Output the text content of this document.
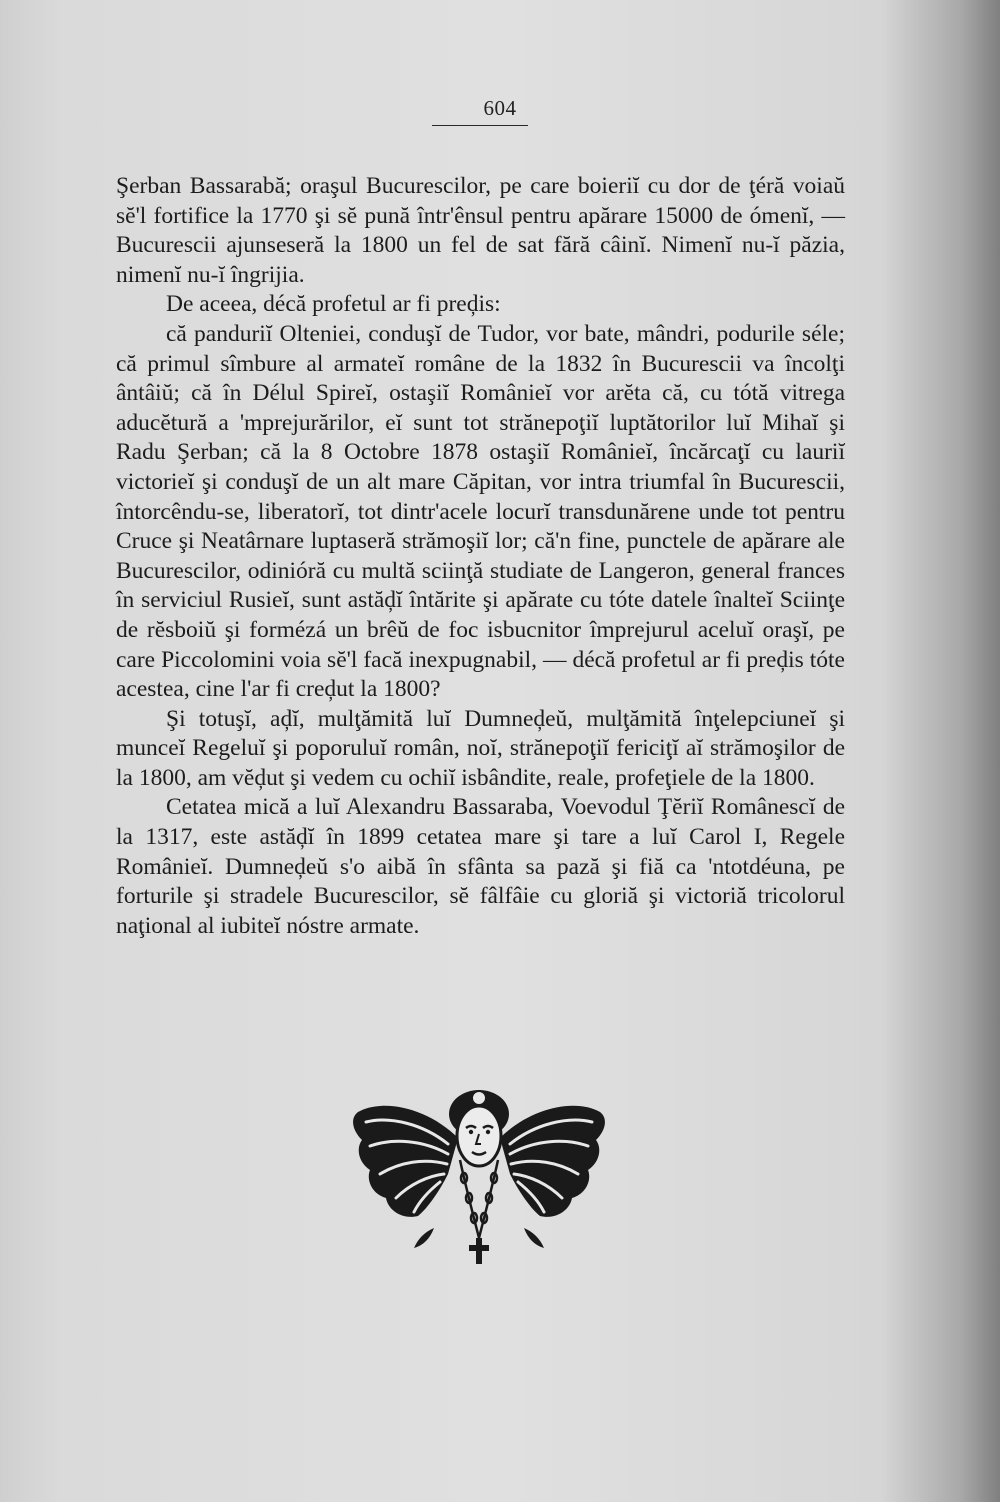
604

Şerban Bassarabă; oraşul Bucurescilor, pe care boieriĭ cu dor de ţéră voiaŭ sĕ'l fortifice la 1770 şi sĕ pună într'ênsul pentru apărare 15000 de ómenĭ, — Bucurescii ajunseseră la 1800 un fel de sat fără câinĭ. Nimenĭ nu-ĭ păzia, nimenĭ nu-ĭ îngrijia.

De aceea, décă profetul ar fi preḑis:

că panduriĭ Olteniei, conduşĭ de Tudor, vor bate, mândri, podurile séle; că primul sîmbure al armateĭ române de la 1832 în Bucurescii va încolţi ântâiŭ; că în Délul Spireĭ, ostaşiĭ Românieĭ vor arĕta că, cu tótă vitrega aducĕtură a 'mprejurărilor, eĭ sunt tot strănepoţiĭ luptătorilor luĭ Mihaĭ şi Radu Şerban; că la 8 Octobre 1878 ostaşiĭ Românieĭ, încărcaţĭ cu lauriĭ victorieĭ şi conduşĭ de un alt mare Căpitan, vor intra triumfal în Bucurescii, întorcêndu-se, liberatorĭ, tot dintr'acele locurĭ transdunărene unde tot pentru Cruce şi Neatârnare luptaseră strămoşiĭ lor; că'n fine, punctele de apărare ale Bucurescilor, odinióră cu multă sciinţă studiate de Langeron, general frances în serviciul Rusieĭ, sunt astăḑĭ întărite şi apărate cu tóte datele înalteĭ Sciinţe de rĕsboiŭ şi formézá un brêŭ de foc isbucnitor împrejurul aceluĭ oraşĭ, pe care Piccolomini voia sĕ'l facă inexpugnabil, — décă profetul ar fi preḑis tóte acestea, cine l'ar fi creḑut la 1800?

Şi totuşĭ, aḑĭ, mulţămită luĭ Dumneḑeŭ, mulţămită înţelepciuneĭ şi munceĭ Regeluĭ şi poporuluĭ român, noĭ, strănepoţiĭ fericiţĭ aĭ strămoşilor de la 1800, am vĕḑut şi vedem cu ochiĭ isbândite, reale, profeţiele de la 1800.

Cetatea mică a luĭ Alexandru Bassaraba, Voevodul Ţĕriĭ Românescĭ de la 1317, este astăḑĭ în 1899 cetatea mare şi tare a luĭ Carol I, Regele Românieĭ. Dumneḑeŭ s'o aibă în sfânta sa pază şi fiă ca 'ntotdéuna, pe forturile şi stradele Bucurescilor, sĕ fâlfâie cu gloriă şi victoriă tricolorul naţional al iubiteĭ nóstre armate.
